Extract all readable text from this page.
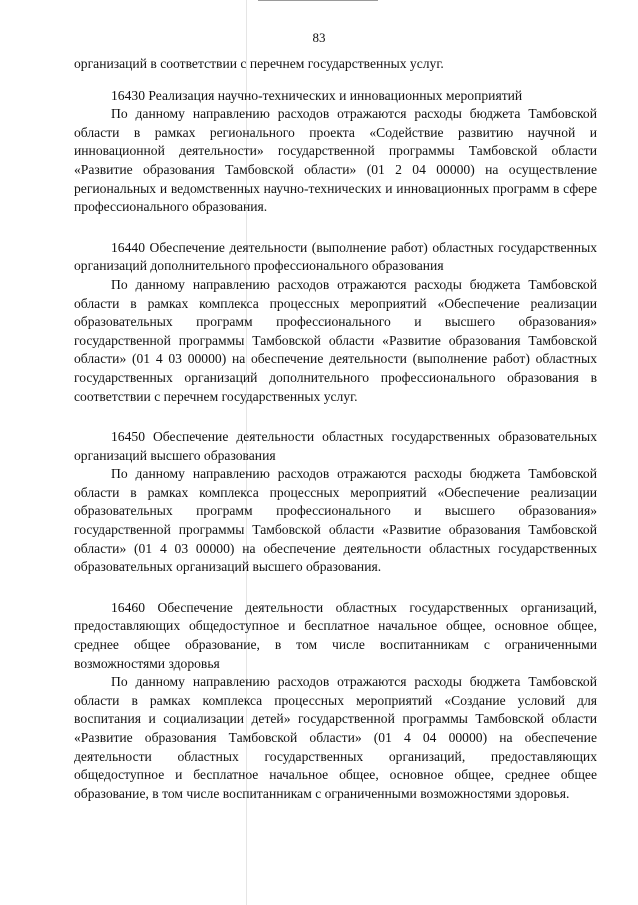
83

организаций в соответствии с перечнем государственных услуг.

16430 Реализация научно-технических и инновационных мероприятий

По данному направлению расходов отражаются расходы бюджета Тамбовской области в рамках регионального проекта «Содействие развитию научной и инновационной деятельности» государственной программы Тамбовской области «Развитие образования Тамбовской области» (01 2 04 00000) на осуществление региональных и ведомственных научно-технических и инновационных программ в сфере профессионального образования.

16440 Обеспечение деятельности (выполнение работ) областных государственных организаций дополнительного профессионального образования

По данному направлению расходов отражаются расходы бюджета Тамбовской области в рамках комплекса процессных мероприятий «Обеспечение реализации образовательных программ профессионального и высшего образования» государственной программы Тамбовской области «Развитие образования Тамбовской области» (01 4 03 00000) на обеспечение деятельности (выполнение работ) областных государственных организаций дополнительного профессионального образования в соответствии с перечнем государственных услуг.

16450 Обеспечение деятельности областных государственных образовательных организаций высшего образования

По данному направлению расходов отражаются расходы бюджета Тамбовской области в рамках комплекса процессных мероприятий «Обеспечение реализации образовательных программ профессионального и высшего образования» государственной программы Тамбовской области «Развитие образования Тамбовской области» (01 4 03 00000) на обеспечение деятельности областных государственных образовательных организаций высшего образования.

16460 Обеспечение деятельности областных государственных организаций, предоставляющих общедоступное и бесплатное начальное общее, основное общее, среднее общее образование, в том числе воспитанникам с ограниченными возможностями здоровья

По данному направлению расходов отражаются расходы бюджета Тамбовской области в рамках комплекса процессных мероприятий «Создание условий для воспитания и социализации детей» государственной программы Тамбовской области «Развитие образования Тамбовской области» (01 4 04 00000) на обеспечение деятельности областных государственных организаций, предоставляющих общедоступное и бесплатное начальное общее, основное общее, среднее общее образование, в том числе воспитанникам с ограниченными возможностями здоровья.
